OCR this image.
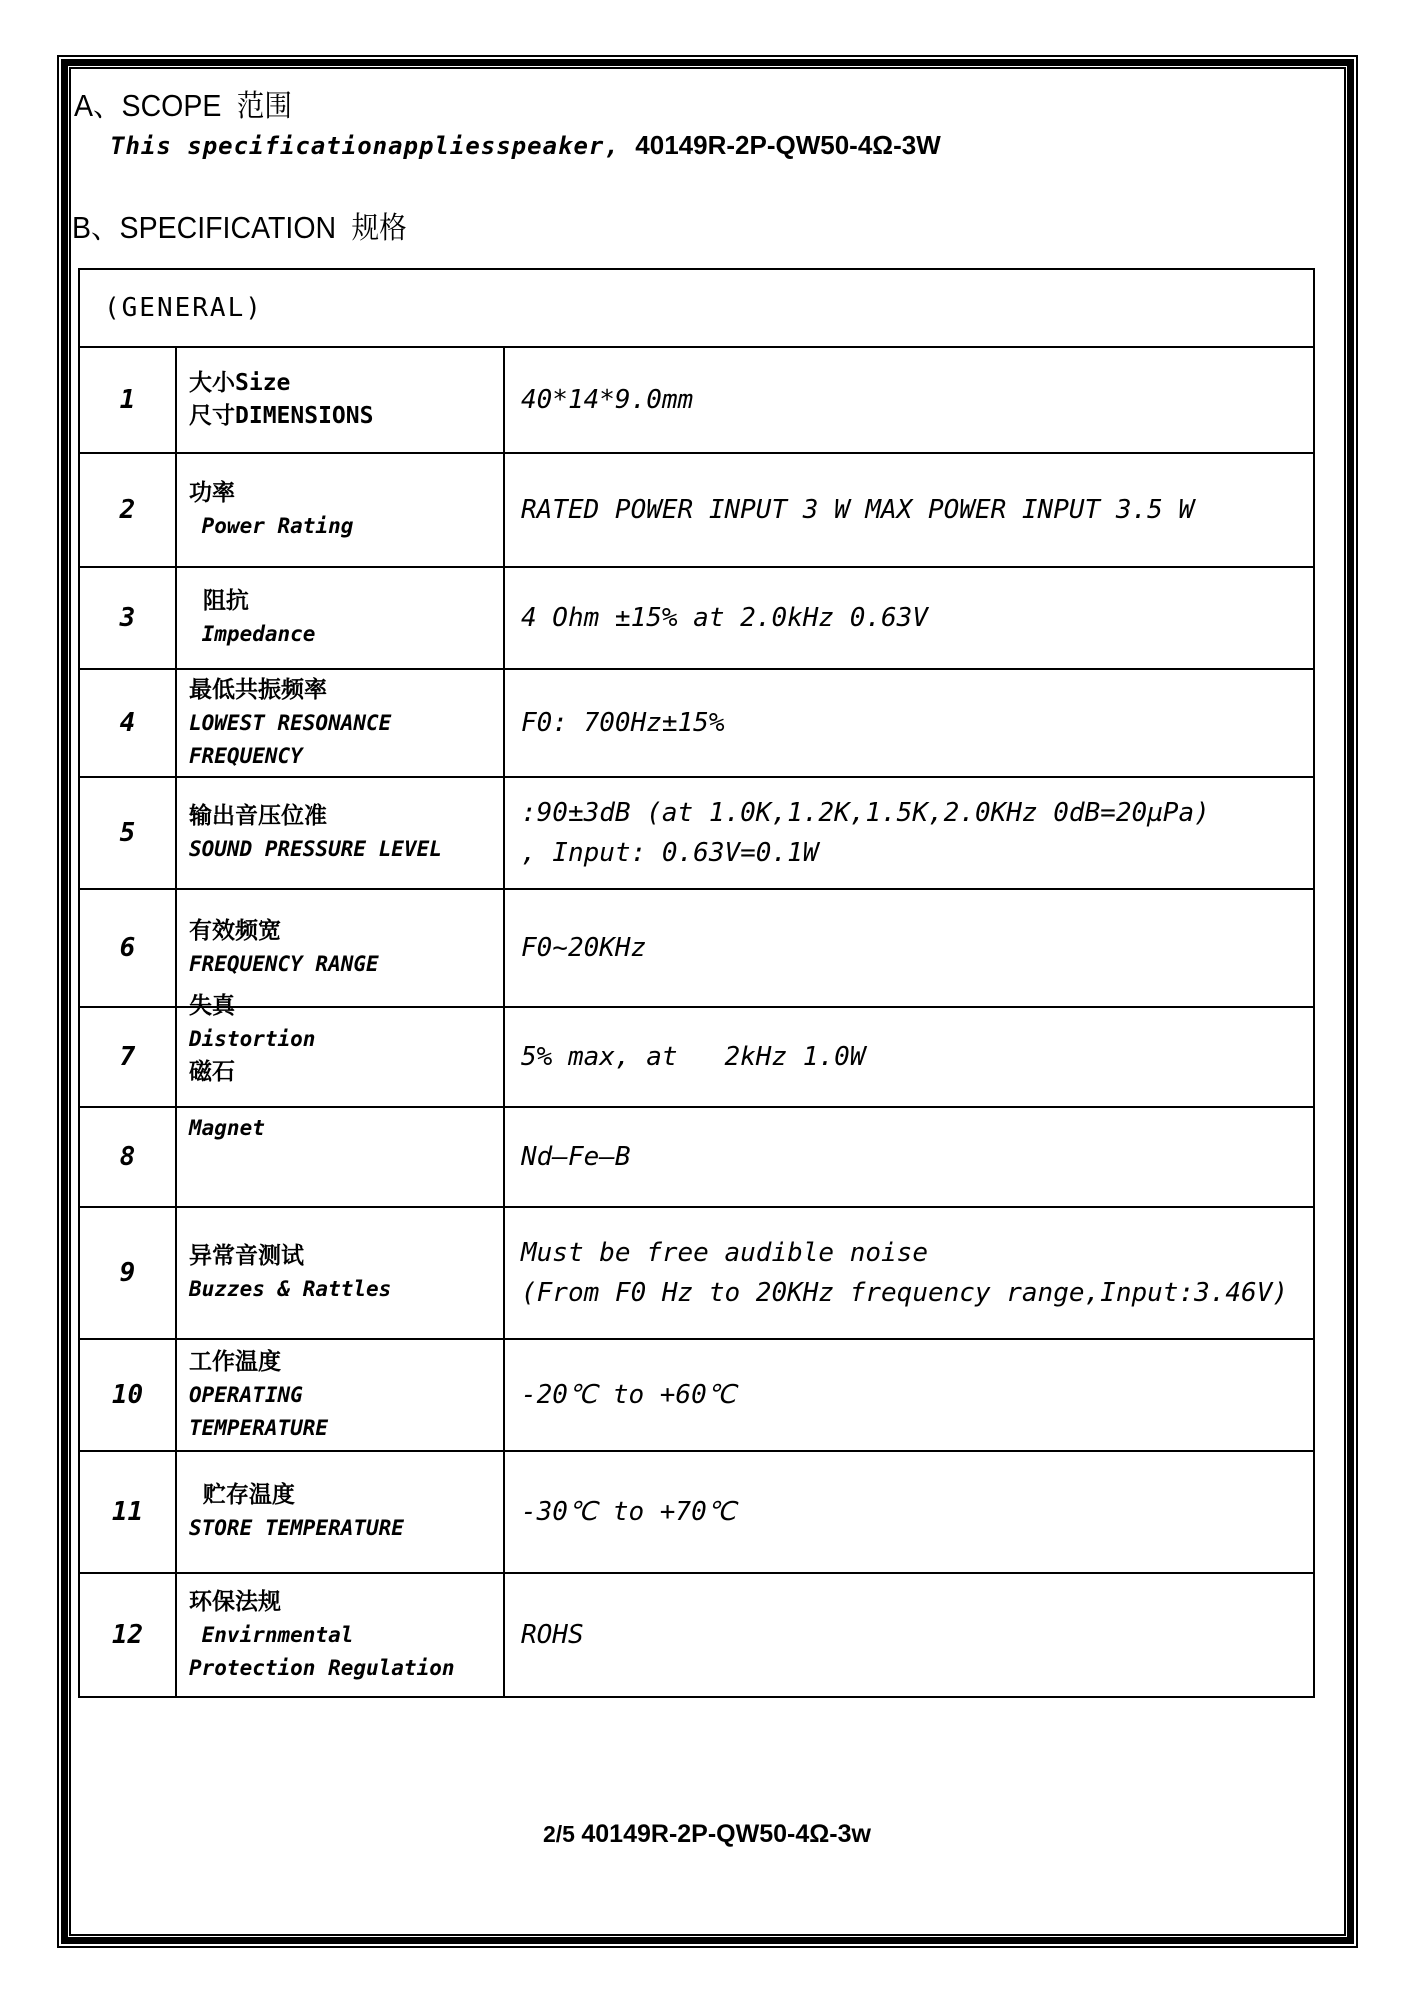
A、SCOPE  范围
This specificationappliesspeaker, 40149R-2P-QW50-4Ω-3W
B、SPECIFICATION  规格
(GENERAL)
1
大小Size
尺寸DIMENSIONS
40*14*9.0mm
2
功率
Power Rating
RATED POWER INPUT 3 W MAX POWER INPUT 3.5 W
3
阻抗
Impedance
4 Ohm ±15% at 2.0kHz 0.63V
4
最低共振频率
LOWEST RESONANCE
FREQUENCY
F0: 700Hz±15%
5
输出音压位准
SOUND PRESSURE LEVEL
:90±3dB (at 1.0K,1.2K,1.5K,2.0KHz 0dB=20µPa)
, Input: 0.63V=0.1W
6
有效频宽
FREQUENCY RANGE
F0~20KHz
7
失真
Distortion
磁石	5% max, at   2kHz 1.0W
8
Magnet
Nd–Fe–B
9
异常音测试
Buzzes & Rattles
Must be free audible noise
(From F0 Hz to 20KHz frequency range,Input:3.46V)
10
工作温度
OPERATING
TEMPERATURE
-20℃ to +60℃
11
贮存温度
STORE TEMPERATURE
-30℃ to +70℃
12
环保法规
Envirnmental
Protection Regulation
ROHS
2/5 40149R-2P-QW50-4Ω-3w
